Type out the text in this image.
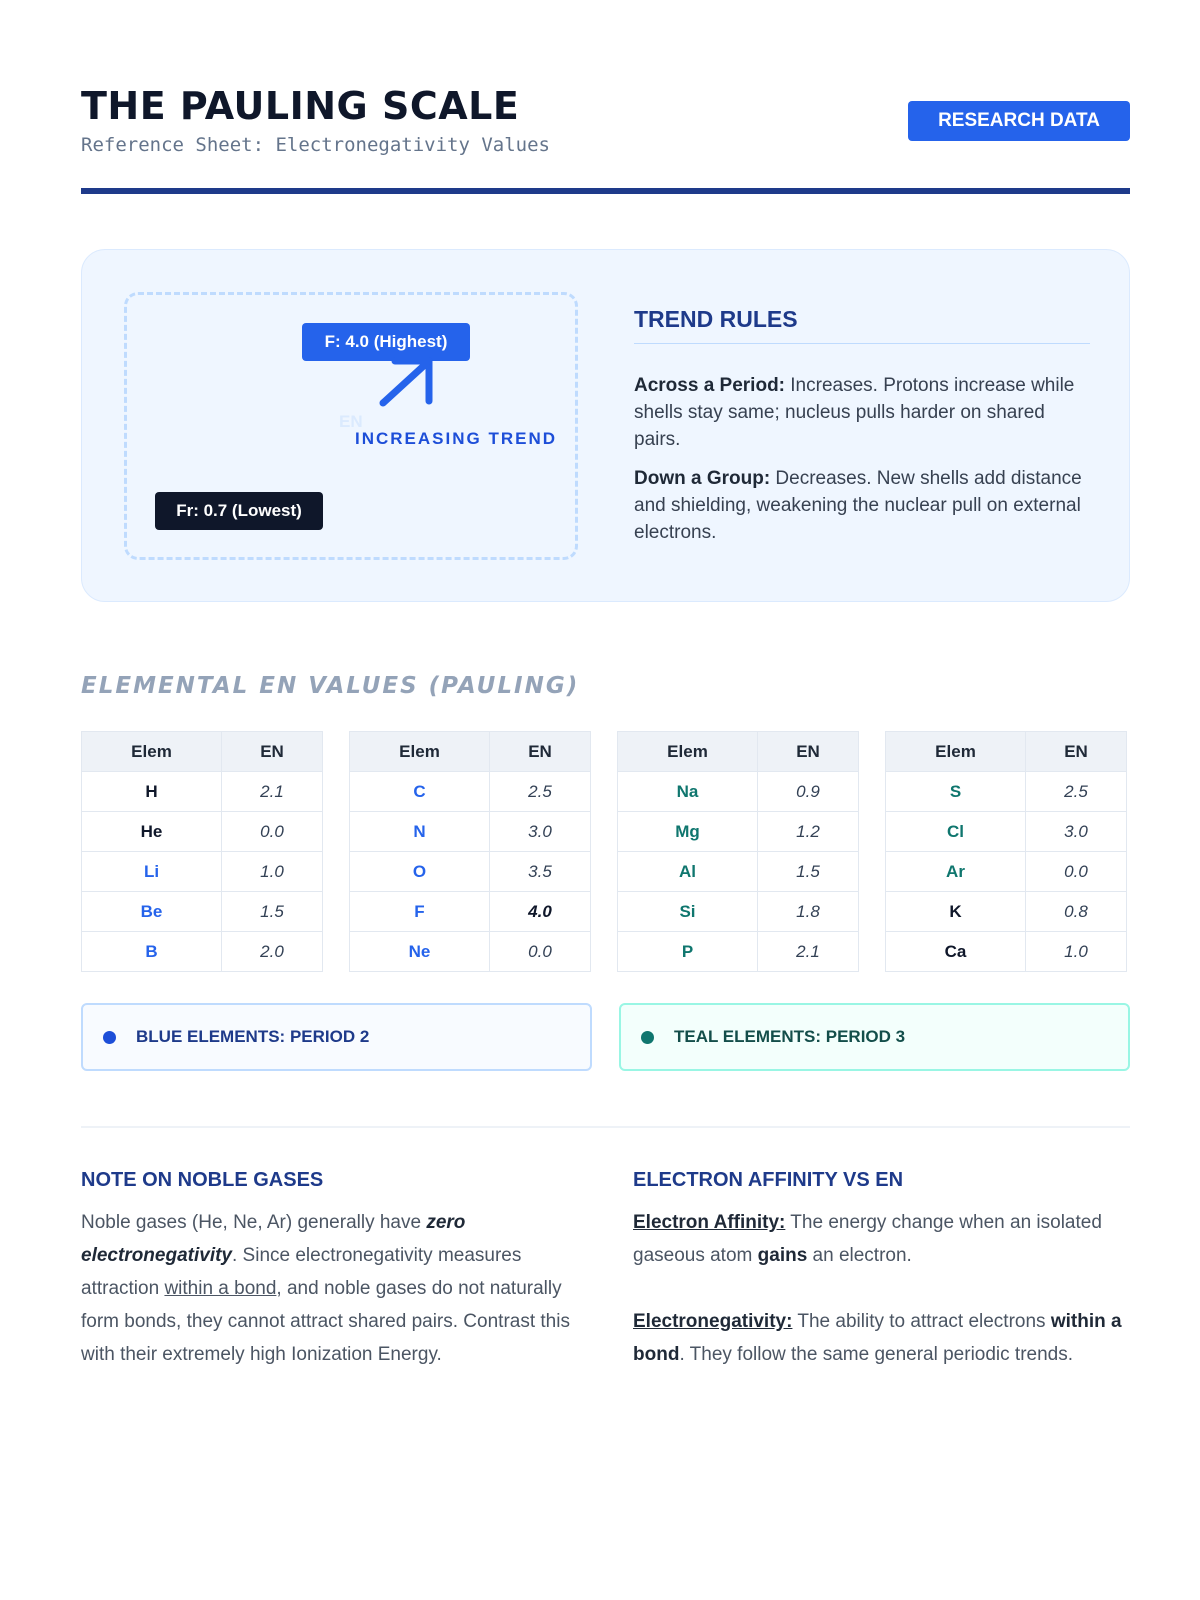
THE PAULING SCALE
Reference Sheet: Electronegativity Values
RESEARCH DATA
F: 4.0 (Highest)
EN
INCREASING TREND
Fr: 0.7 (Lowest)
TREND RULES

Across a Period: Increases. Protons increase while shells stay same; nucleus pulls harder on shared pairs.

Down a Group: Decreases. New shells add distance and shielding, weakening the nuclear pull on external electrons.

ELEMENTAL EN VALUES (PAULING)
Elem	EN
H	2.1
He	0.0
Li	1.0
Be	1.5
B	2.0
Elem	EN
C	2.5
N	3.0
O	3.5
F	4.0
Ne	0.0
Elem	EN
Na	0.9
Mg	1.2
Al	1.5
Si	1.8
P	2.1
Elem	EN
S	2.5
Cl	3.0
Ar	0.0
K	0.8
Ca	1.0
BLUE ELEMENTS: PERIOD 2	TEAL ELEMENTS: PERIOD 3
NOTE ON NOBLE GASES

Noble gases (He, Ne, Ar) generally have zero electronegativity. Since electronegativity measures attraction within a bond, and noble gases do not naturally form bonds, they cannot attract shared pairs. Contrast this with their extremely high Ionization Energy.

ELECTRON AFFINITY VS EN

Electron Affinity: The energy change when an isolated gaseous atom gains an electron.
Electronegativity: The ability to attract electrons within a bond. They follow the same general periodic trends.
